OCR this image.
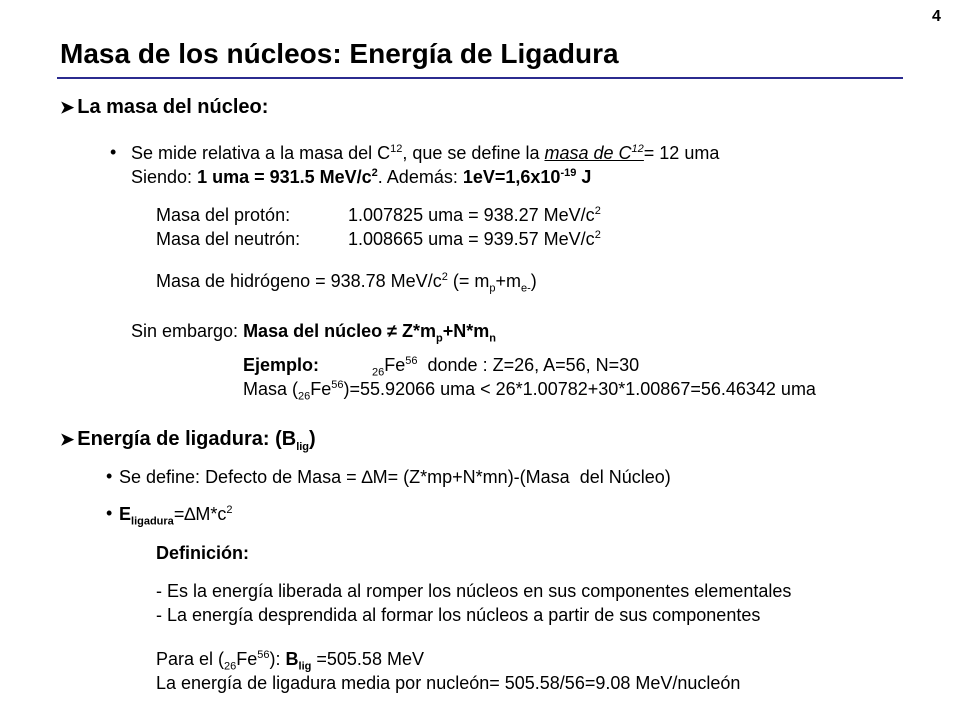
4
Masa de los núcleos: Energía de Ligadura
➤ La masa del núcleo:
• Se mide relativa a la masa del $C^{12}$, que se define la masa de $C^{12}= 12$ uma
Siendo: 1 uma = 931.5 MeV/$c^2$. Además: $1eV=1,6x10^{-19}$ J
Masa del protón:	1.007825 uma = 938.27 MeV/$c^2$
Masa del neutrón:	1.008665 uma = 939.57 MeV/$c^2$
Masa de hidrógeno = 938.78 MeV/$c^2$ (= $m_p+m_{e-}$)
Sin embargo: Masa del núcleo ≠ $Z*m_p+N*m_n$
Ejemplo:	$_{26}Fe^{56}$  donde : Z=26, A=56, N=30
Masa $(_{26}Fe^{56})=55.92066$ uma < 26*1.00782+30*1.00867=56.46342 uma
➤ Energía de ligadura: $(B_{lig})$
• Se define: Defecto de Masa = ∆M= (Z*mp+N*mn)-(Masa  del Núcleo)
• $E_{ligadura}=\Delta M*c^2$
Definición:
- Es la energía liberada al romper los núcleos en sus componentes elementales
- La energía desprendida al formar los núcleos a partir de sus componentes
Para el $(_{26}Fe^{56})$: $B_{lig} =505.58$ MeV
La energía de ligadura media por nucleón= 505.58/56=9.08 MeV/nucleón
